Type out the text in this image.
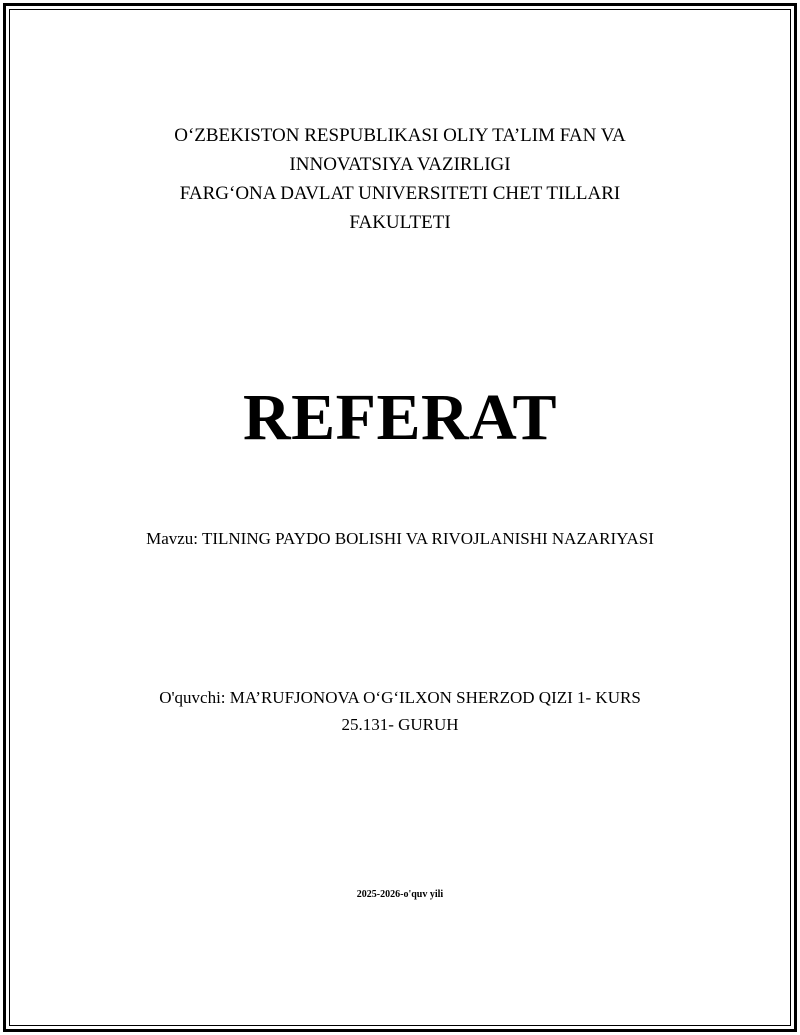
O‘ZBEKISTON RESPUBLIKASI OLIY TA’LIM FAN VA
INNOVATSIYA VAZIRLIGI
FARG‘ONA DAVLAT UNIVERSITETI CHET TILLARI
FAKULTETI
REFERAT
Mavzu: TILNING PAYDO BOLISHI VA RIVOJLANISHI NAZARIYASI
O'quvchi: MA’RUFJONOVA O‘G‘ILXON SHERZOD QIZI 1- KURS
25.131- GURUH
2025-2026-o'quv yili
